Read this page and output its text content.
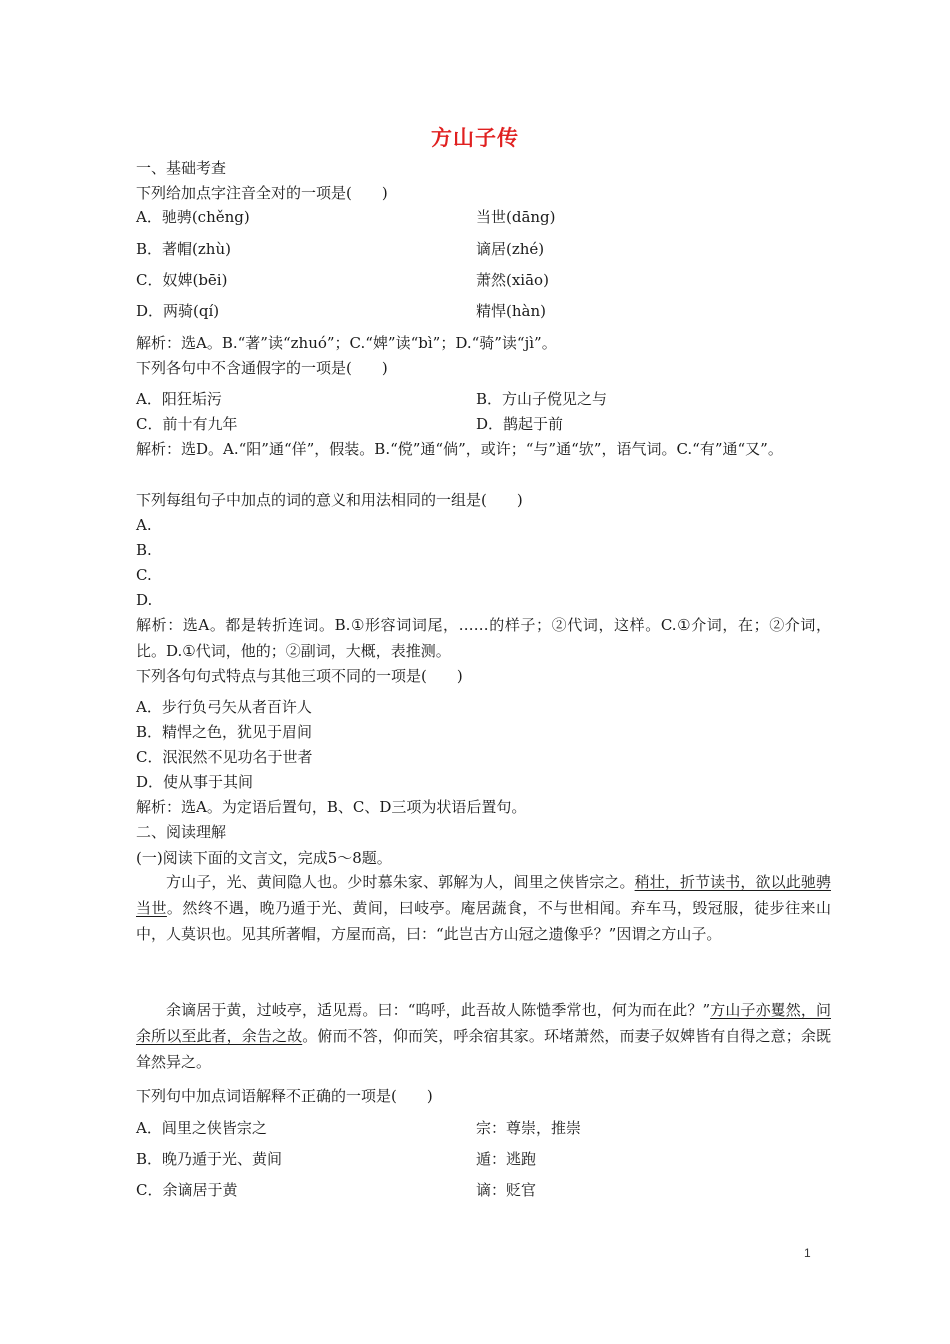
方山子传
一、基础考查
下列给加点字注音全对的一项是(　　)
A．驰骋(chěng)	当世(dāng)
B．著帽(zhù)	谪居(zhé)
C．奴婢(bēi)	萧然(xiāo)
D．两骑(qí)	精悍(hàn)
解析：选A。B.“著”读“zhuó”；C.“婢”读“bì”；D.“骑”读“jì”。
下列各句中不含通假字的一项是(　　)
A．阳狂垢污	B．方山子傥见之与
C．前十有九年	D．鹊起于前
解析：选D。A.“阳”通“佯”，假装。B.“傥”通“倘”，或许；“与”通“欤”，语气词。C.“有”通“又”。
下列每组句子中加点的词的意义和用法相同的一组是(　　)
A.
B.
C.
D.
解析：选A。都是转折连词。B.①形容词词尾，……的样子；②代词，这样。C.①介词，在；②介词，比。D.①代词，他的；②副词，大概，表推测。
下列各句句式特点与其他三项不同的一项是(　　)
A．步行负弓矢从者百许人
B．精悍之色，犹见于眉间
C．泯泯然不见功名于世者
D．使从事于其间
解析：选A。为定语后置句，B、C、D三项为状语后置句。
二、阅读理解
(一)阅读下面的文言文，完成5～8题。
方山子，光、黄间隐人也。少时慕朱家、郭解为人，闾里之侠皆宗之。稍壮，折节读书，欲以此驰骋当世。然终不遇，晚乃遁于光、黄间，曰岐亭。庵居蔬食，不与世相闻。弃车马，毁冠服，徒步往来山中，人莫识也。见其所著帽，方屋而高，曰：“此岂古方山冠之遗像乎？”因谓之方山子。
余谪居于黄，过岐亭，适见焉。曰：“呜呼，此吾故人陈慥季常也，何为而在此？”方山子亦矍然，问余所以至此者，余告之故。俯而不答，仰而笑，呼余宿其家。环堵萧然，而妻子奴婢皆有自得之意；余既耸然异之。
下列句中加点词语解释不正确的一项是(　　)
A．闾里之侠皆宗之	宗：尊崇，推崇
B．晚乃遁于光、黄间	遁：逃跑
C．余谪居于黄	谪：贬官
1
